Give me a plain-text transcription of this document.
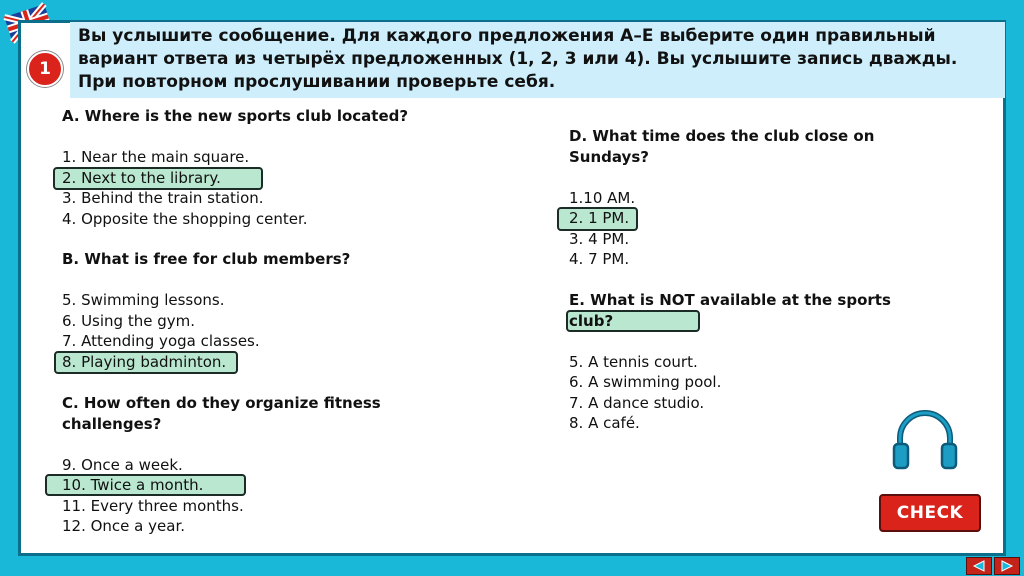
Вы услышите сообщение. Для каждого предложения A–E выберите один правильный вариант ответа из четырёх предложенных (1, 2, 3 или 4). Вы услышите запись дважды. При повторном прослушивании проверьте себя.
1
A. Where is the new sports club located?

1. Near the main square.
2. Next to the library.
3. Behind the train station.
4. Opposite the shopping center.
B. What is free for club members?

5. Swimming lessons.
6. Using the gym.
7. Attending yoga classes.
8. Playing badminton.
C. How often do they organize fitness
challenges?

9. Once a week.
10. Twice a month.
11. Every three months.
12. Once a year.
D. What time does the club close on
Sundays?

1.10 AM.
2. 1 PM.
3. 4 PM.
4. 7 PM.
E. What is NOT available at the sports
club?

5. A tennis court.
6. A swimming pool.
7. A dance studio.
8. A café.
CHECK
